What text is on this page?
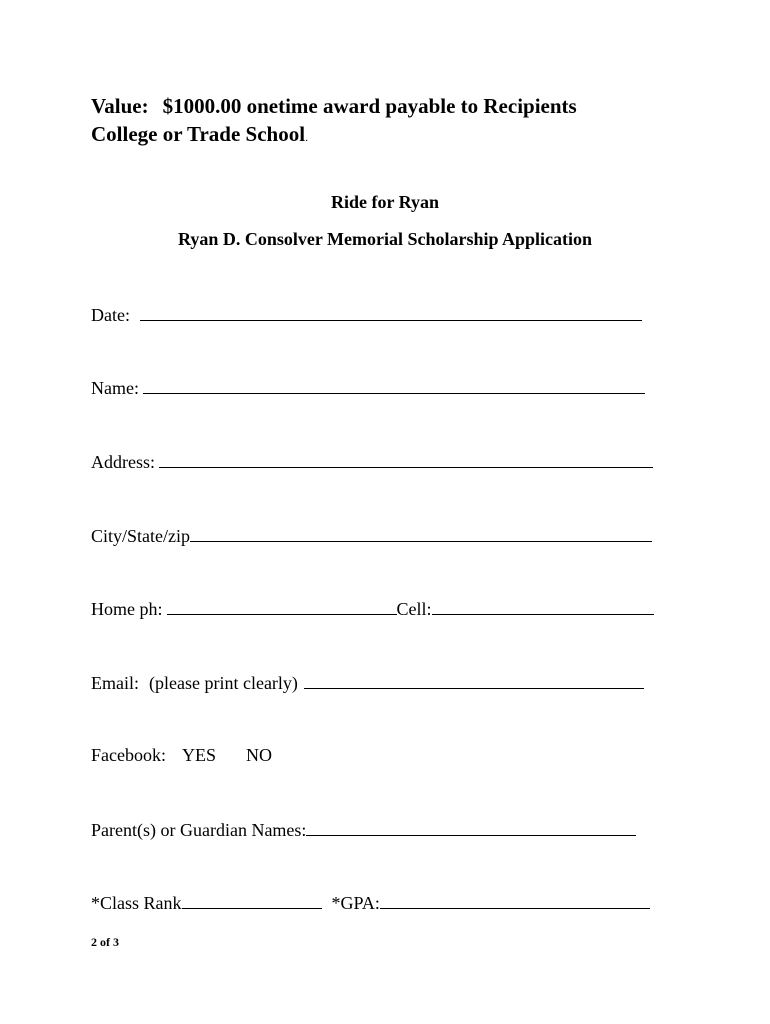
Value: $1000.00 onetime award payable to Recipients
College or Trade School.
Ride for Ryan
Ryan D. Consolver Memorial Scholarship Application
Date:
Name:
Address:
City/State/zip
Home ph:	Cell:
Email: (please print clearly)
Facebook: YES NO
Parent(s) or Guardian Names:
*Class Rank	*GPA:
2 of 3
